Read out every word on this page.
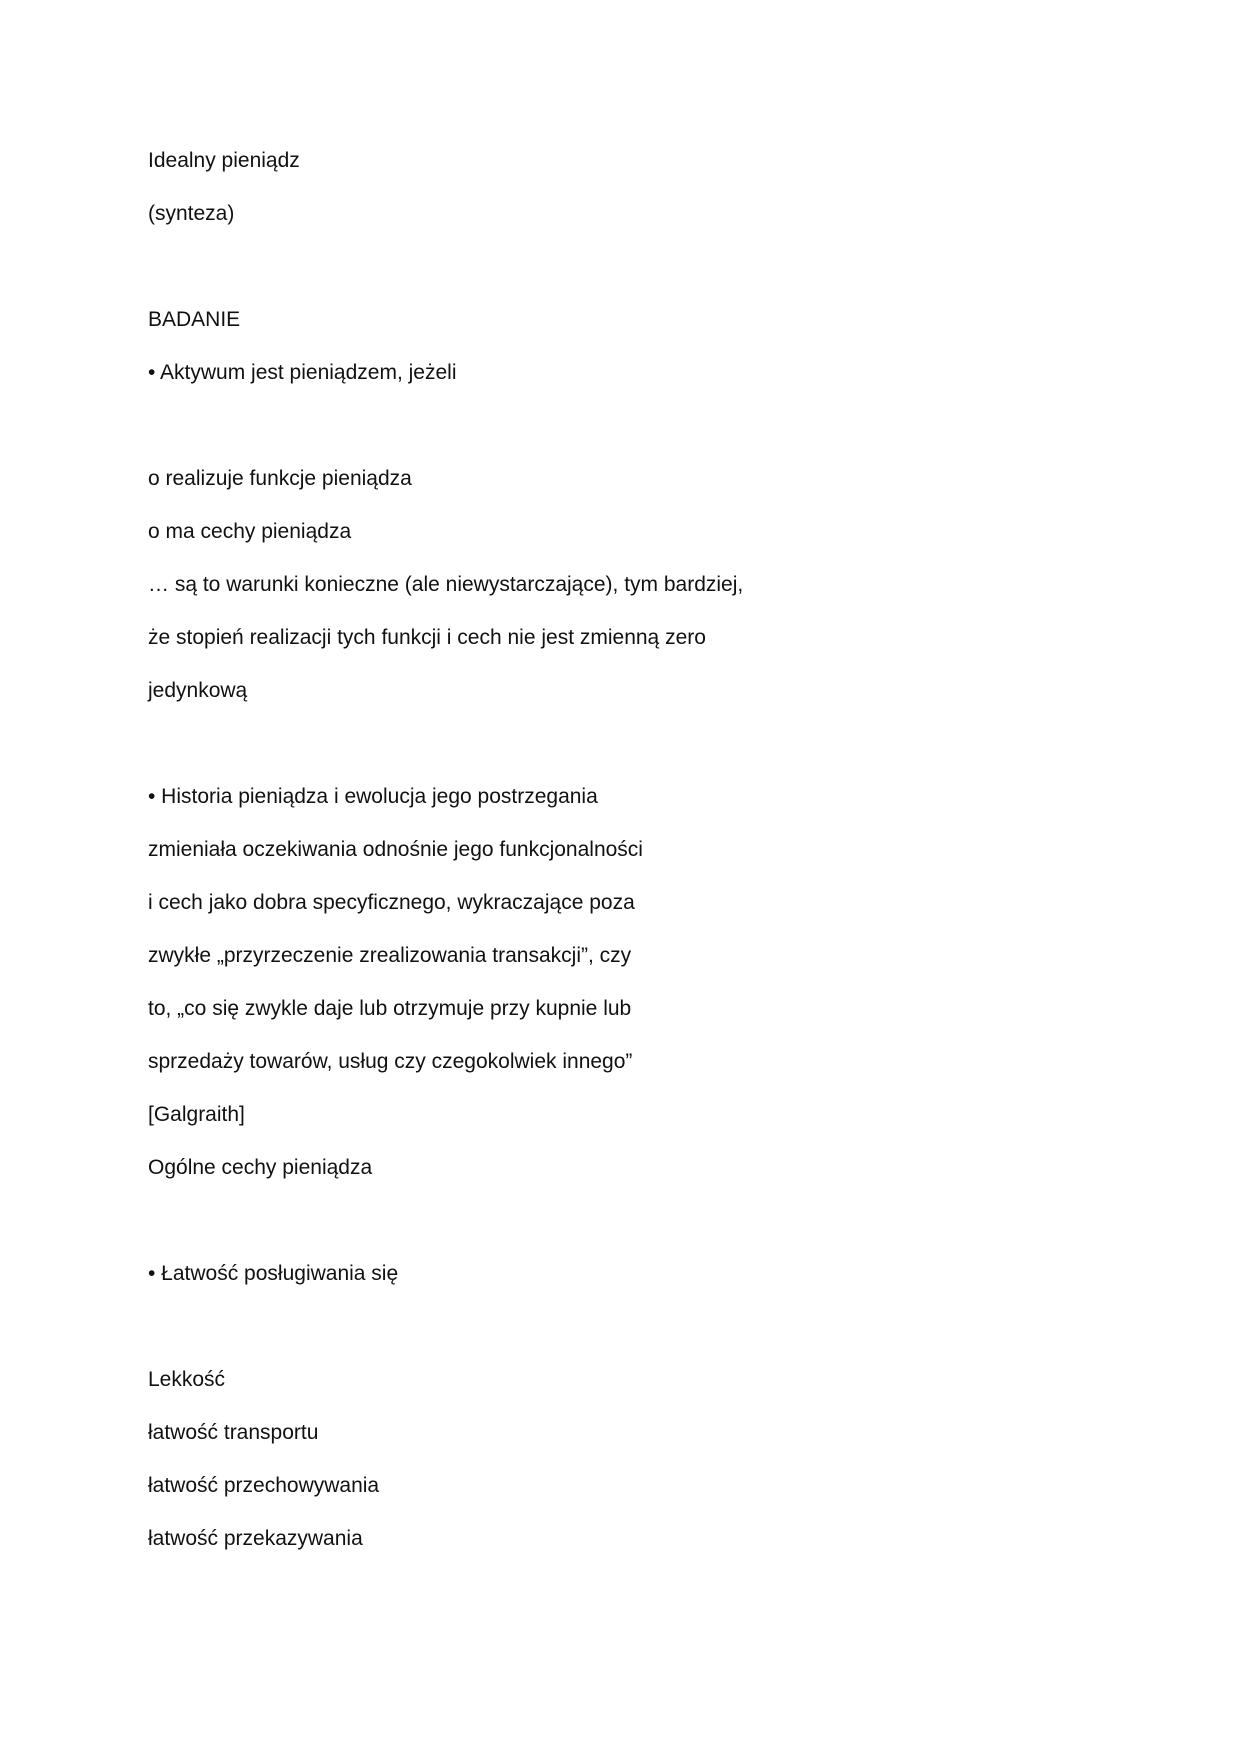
Idealny pieniądz

(synteza)

BADANIE

• Aktywum jest pieniądzem, jeżeli

o realizuje funkcje pieniądza

o ma cechy pieniądza

… są to warunki konieczne (ale niewystarczające), tym bardziej,

że stopień realizacji tych funkcji i cech nie jest zmienną zero

jedynkową

• Historia pieniądza i ewolucja jego postrzegania

zmieniała oczekiwania odnośnie jego funkcjonalności

i cech jako dobra specyficznego, wykraczające poza

zwykłe „przyrzeczenie zrealizowania transakcji”, czy

to, „co się zwykle daje lub otrzymuje przy kupnie lub

sprzedaży towarów, usług czy czegokolwiek innego”

[Galgraith]

Ogólne cechy pieniądza

• Łatwość posługiwania się

Lekkość

łatwość transportu

łatwość przechowywania

łatwość przekazywania
